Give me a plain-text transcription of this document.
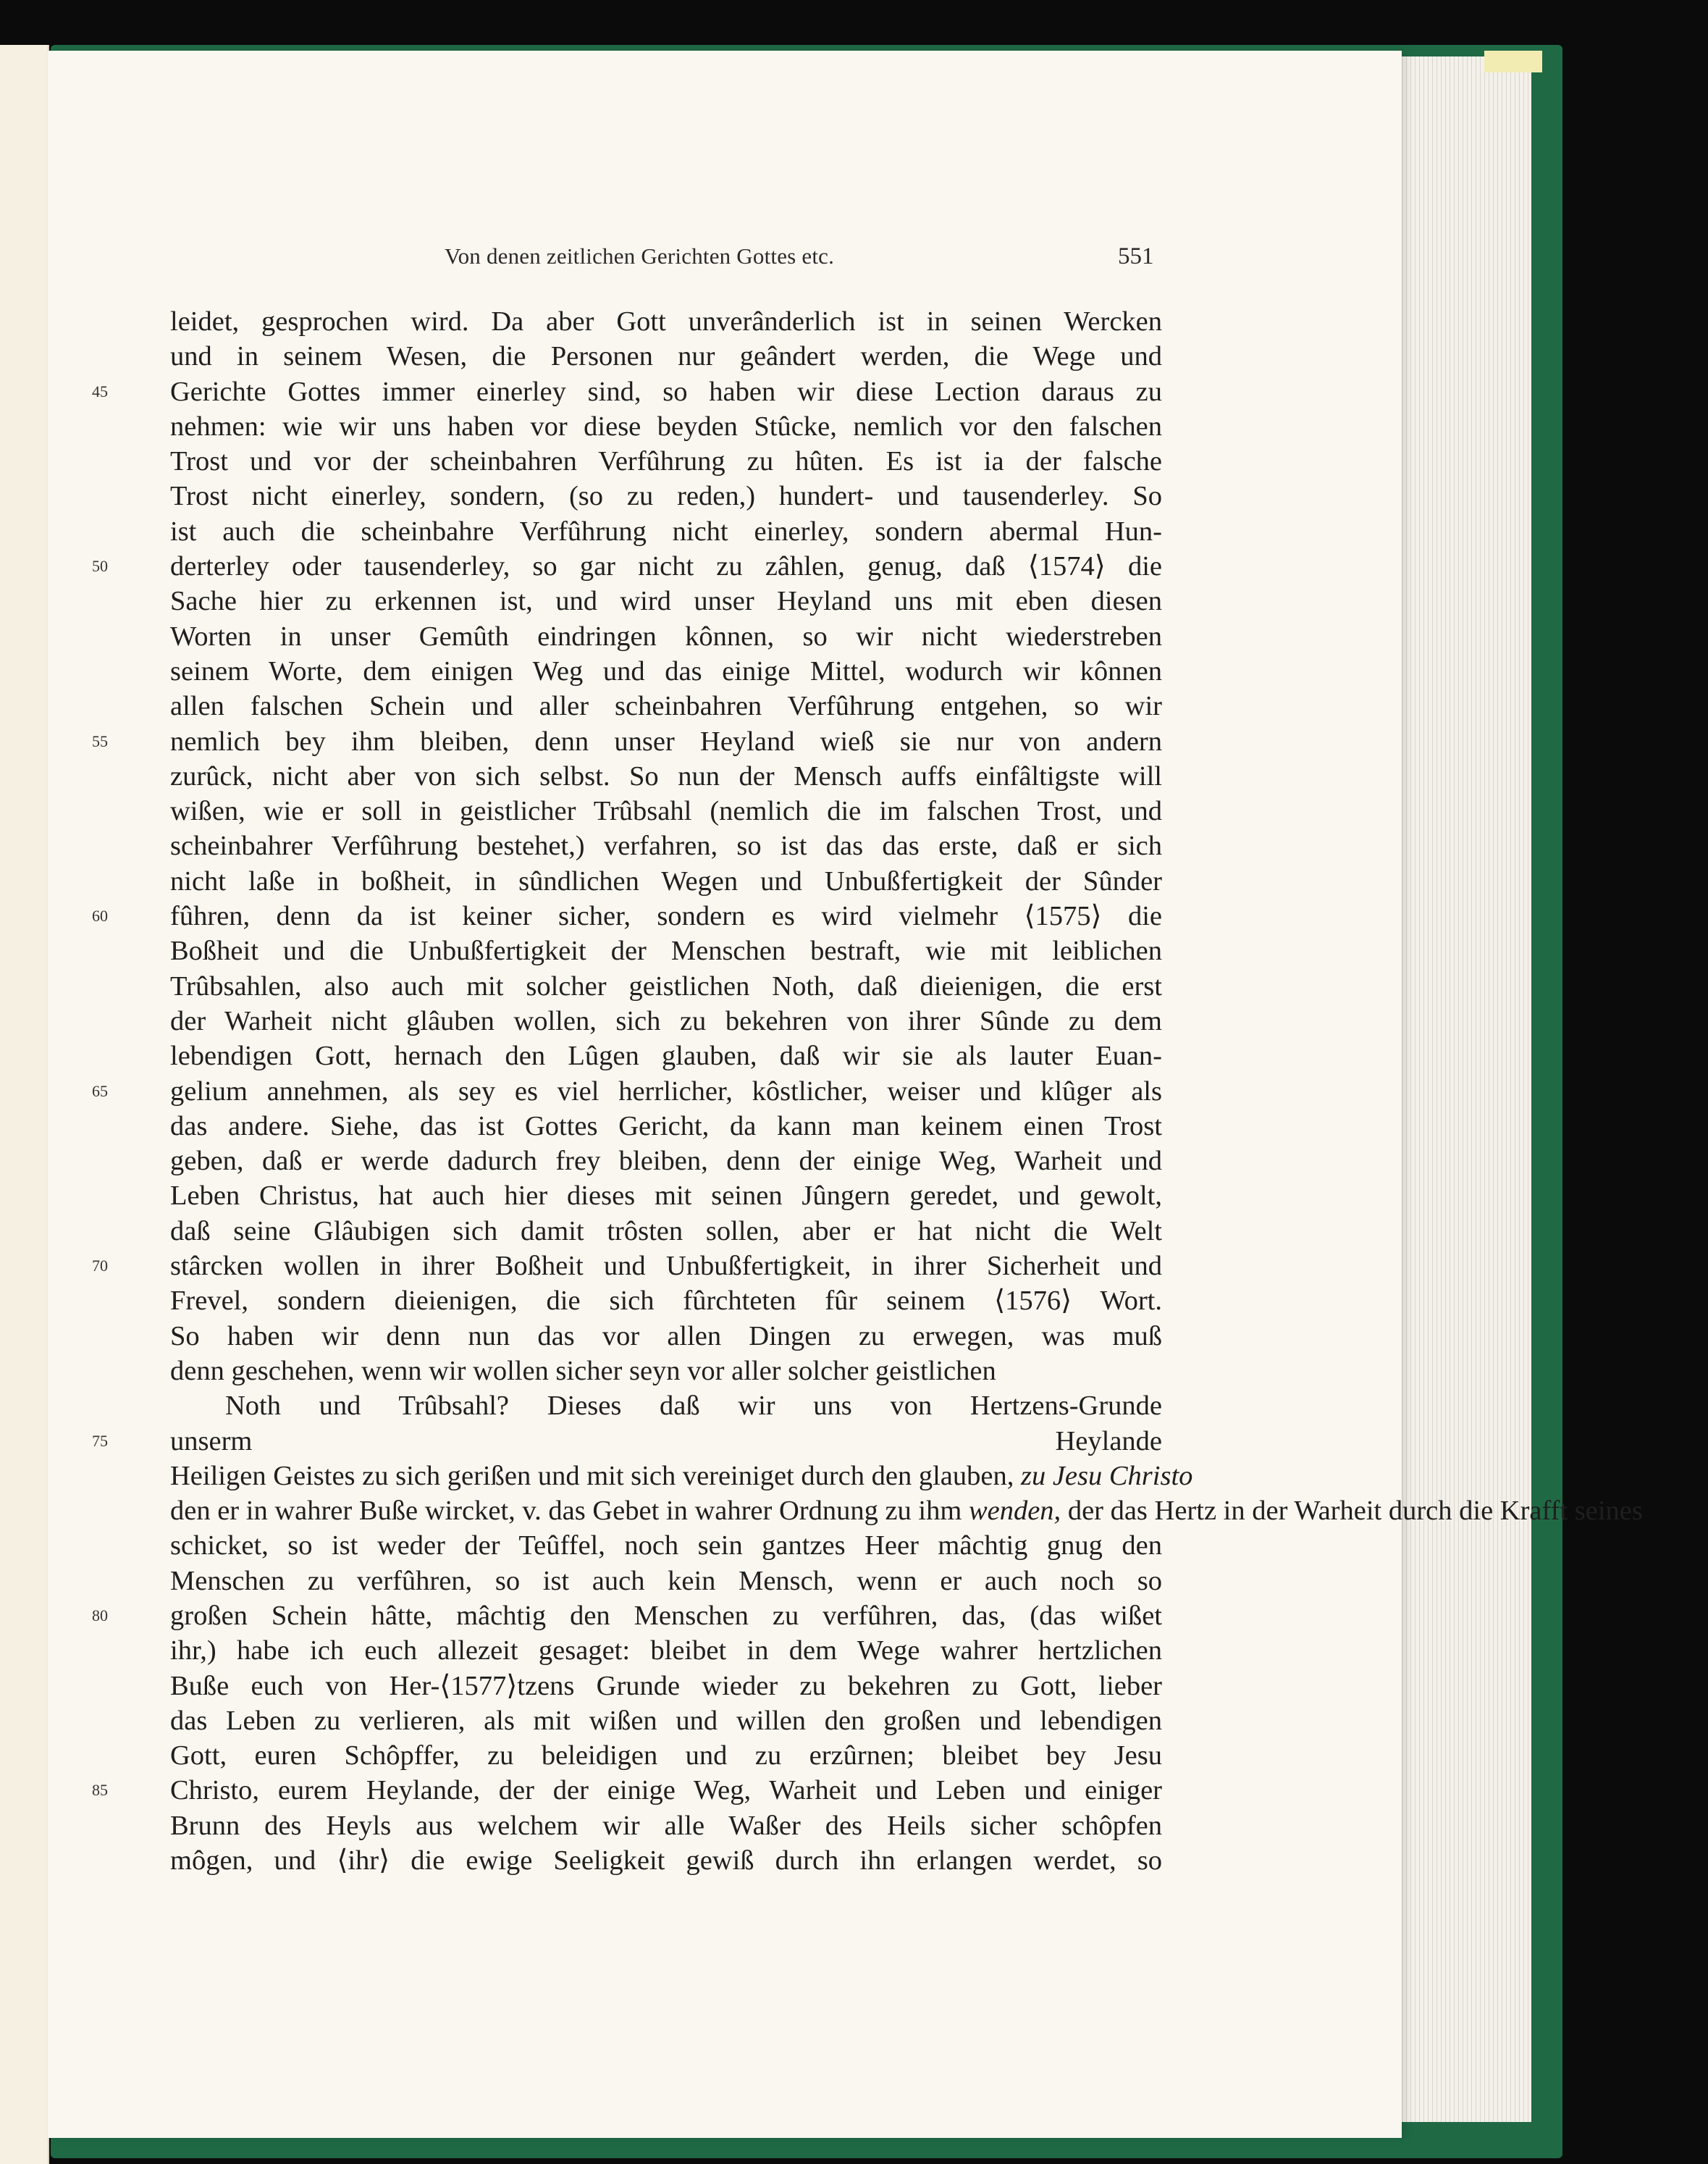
Von denen zeitlichen Gerichten Gottes etc.	551
leidet, gesprochen wird. Da aber Gott unverânderlich ist in seinen Wercken
und in seinem Wesen, die Personen nur geândert werden, die Wege und
45	Gerichte Gottes immer einerley sind, so haben wir diese Lection daraus zu
nehmen: wie wir uns haben vor diese beyden Stûcke, nemlich vor den falschen
Trost und vor der scheinbahren Verfûhrung zu hûten. Es ist ia der falsche
Trost nicht einerley, sondern, (so zu reden,) hundert- und tausenderley. So
ist auch die scheinbahre Verfûhrung nicht einerley, sondern abermal Hun-
50	derterley oder tausenderley, so gar nicht zu zâhlen, genug, daß ⟨1574⟩ die
Sache hier zu erkennen ist, und wird unser Heyland uns mit eben diesen
Worten in unser Gemûth eindringen kônnen, so wir nicht wiederstreben
seinem Worte, dem einigen Weg und das einige Mittel, wodurch wir kônnen
allen falschen Schein und aller scheinbahren Verfûhrung entgehen, so wir
55	nemlich bey ihm bleiben, denn unser Heyland wieß sie nur von andern
zurûck, nicht aber von sich selbst. So nun der Mensch auffs einfâltigste will
wißen, wie er soll in geistlicher Trûbsahl (nemlich die im falschen Trost, und
scheinbahrer Verfûhrung bestehet,) verfahren, so ist das das erste, daß er sich
nicht laße in boßheit, in sûndlichen Wegen und Unbußfertigkeit der Sûnder
60	fûhren, denn da ist keiner sicher, sondern es wird vielmehr ⟨1575⟩ die
Boßheit und die Unbußfertigkeit der Menschen bestraft, wie mit leiblichen
Trûbsahlen, also auch mit solcher geistlichen Noth, daß dieienigen, die erst
der Warheit nicht glâuben wollen, sich zu bekehren von ihrer Sûnde zu dem
lebendigen Gott, hernach den Lûgen glauben, daß wir sie als lauter Euan-
65	gelium annehmen, als sey es viel herrlicher, kôstlicher, weiser und klûger als
das andere. Siehe, das ist Gottes Gericht, da kann man keinem einen Trost
geben, daß er werde dadurch frey bleiben, denn der einige Weg, Warheit und
Leben Christus, hat auch hier dieses mit seinen Jûngern geredet, und gewolt,
daß seine Glâubigen sich damit trôsten sollen, aber er hat nicht die Welt
70	stârcken wollen in ihrer Boßheit und Unbußfertigkeit, in ihrer Sicherheit und
Frevel, sondern dieienigen, die sich fûrchteten fûr seinem ⟨1576⟩ Wort.
So haben wir denn nun das vor allen Dingen zu erwegen, was muß
denn geschehen, wenn wir wollen sicher seyn vor aller solcher geistlichen
Noth und Trûbsahl? Dieses daß wir uns von Hertzens-Grunde
75	unserm Heylande
Heiligen Geistes zu sich gerißen und mit sich vereiniget durch den glauben, zu Jesu Christo
den er in wahrer Buße wircket, v. das Gebet in wahrer Ordnung zu ihm wenden, der das Hertz in der Warheit durch die Krafft seines
schicket, so ist weder der Teûffel, noch sein gantzes Heer mâchtig gnug den
Menschen zu verfûhren, so ist auch kein Mensch, wenn er auch noch so
80	großen Schein hâtte, mâchtig den Menschen zu verfûhren, das, (das wißet
ihr,) habe ich euch allezeit gesaget: bleibet in dem Wege wahrer hertzlichen
Buße euch von Her-⟨1577⟩tzens Grunde wieder zu bekehren zu Gott, lieber
das Leben zu verlieren, als mit wißen und willen den großen und lebendigen
Gott, euren Schôpffer, zu beleidigen und zu erzûrnen; bleibet bey Jesu
85	Christo, eurem Heylande, der der einige Weg, Warheit und Leben und einiger
Brunn des Heyls aus welchem wir alle Waßer des Heils sicher schôpfen
môgen, und ⟨ihr⟩ die ewige Seeligkeit gewiß durch ihn erlangen werdet, so
